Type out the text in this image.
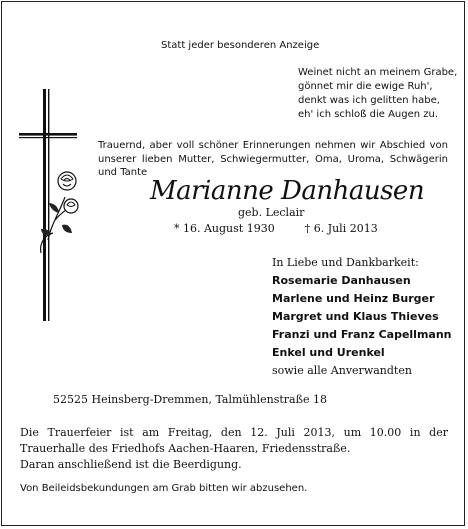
Statt jeder besonderen Anzeige
Weinet nicht an meinem Grabe,
gönnet mir die ewige Ruh',
denkt was ich gelitten habe,
eh' ich schloß die Augen zu.
Trauernd, aber voll schöner Erinnerungen nehmen wir Abschied von unserer lieben Mutter, Schwiegermutter, Oma, Uroma, Schwägerin und Tante
Marianne Danhausen
geb. Leclair
* 16. August 1930	† 6. Juli 2013
In Liebe und Dankbarkeit:
Rosemarie Danhausen
Marlene und Heinz Burger
Margret und Klaus Thieves
Franzi und Franz Capellmann
Enkel und Urenkel
sowie alle Anverwandten
52525 Heinsberg-Dremmen, Talmühlenstraße 18
Die Trauerfeier ist am Freitag, den 12. Juli 2013, um 10.00 in der Trauerhalle des Friedhofs Aachen-Haaren, Friedensstraße.
Daran anschließend ist die Beerdigung.
Von Beileidsbekundungen am Grab bitten wir abzusehen.
